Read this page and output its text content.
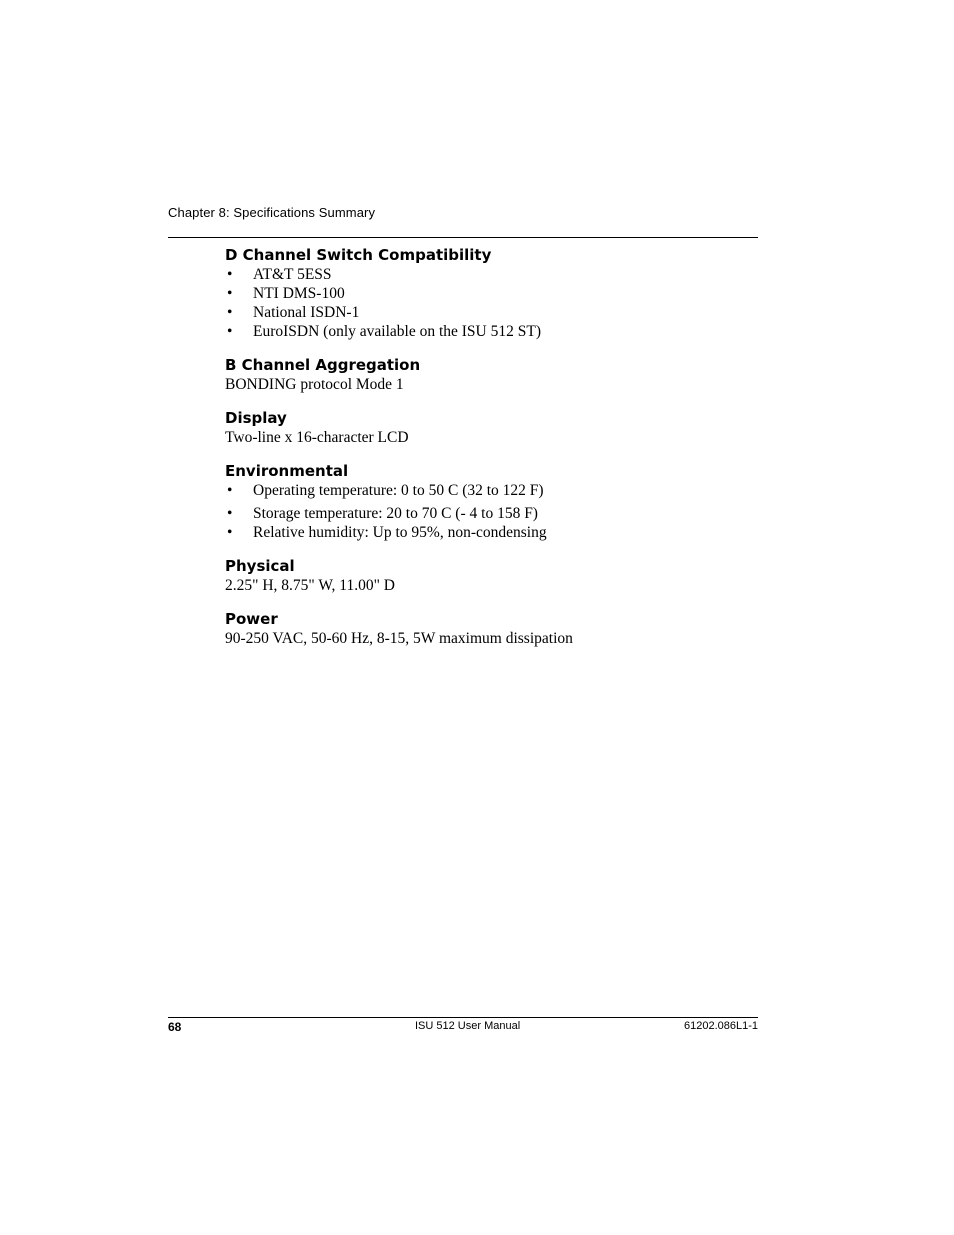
Chapter 8: Specifications Summary
D Channel Switch Compatibility
• AT&T 5ESS
• NTI DMS-100
• National ISDN-1
• EuroISDN (only available on the ISU 512 ST)
B Channel Aggregation

BONDING protocol Mode 1

Display

Two-line x 16-character LCD

Environmental
• Operating temperature: 0 to 50 C (32 to 122 F)
• Storage temperature: 20 to 70 C (- 4 to 158 F)
• Relative humidity: Up to 95%, non-condensing
Physical

2.25" H, 8.75" W, 11.00" D

Power

90-250 VAC, 50-60 Hz, 8-15, 5W maximum dissipation

68	ISU 512 User Manual	61202.086L1-1
